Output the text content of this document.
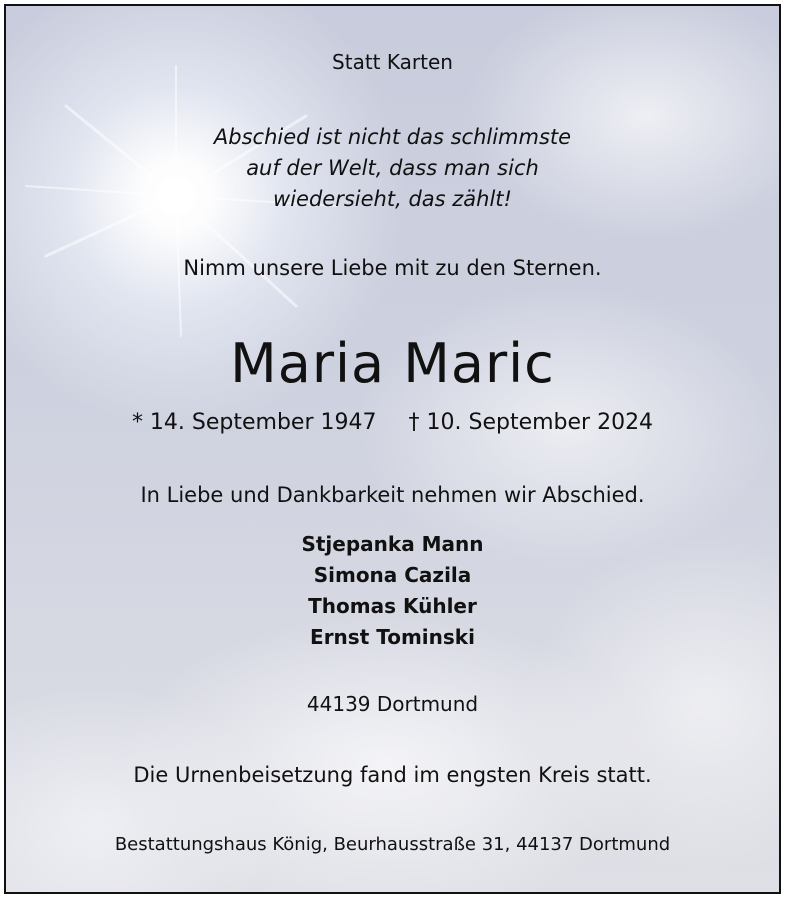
Statt Karten
Abschied ist nicht das schlimmste
auf der Welt, dass man sich
wiedersieht, das zählt!
Nimm unsere Liebe mit zu den Sternen.
Maria Maric
* 14. September 1947 † 10. September 2024
In Liebe und Dankbarkeit nehmen wir Abschied.
Stjepanka Mann
Simona Cazila
Thomas Kühler
Ernst Tominski
44139 Dortmund
Die Urnenbeisetzung fand im engsten Kreis statt.
Bestattungshaus König, Beurhausstraße 31, 44137 Dortmund
